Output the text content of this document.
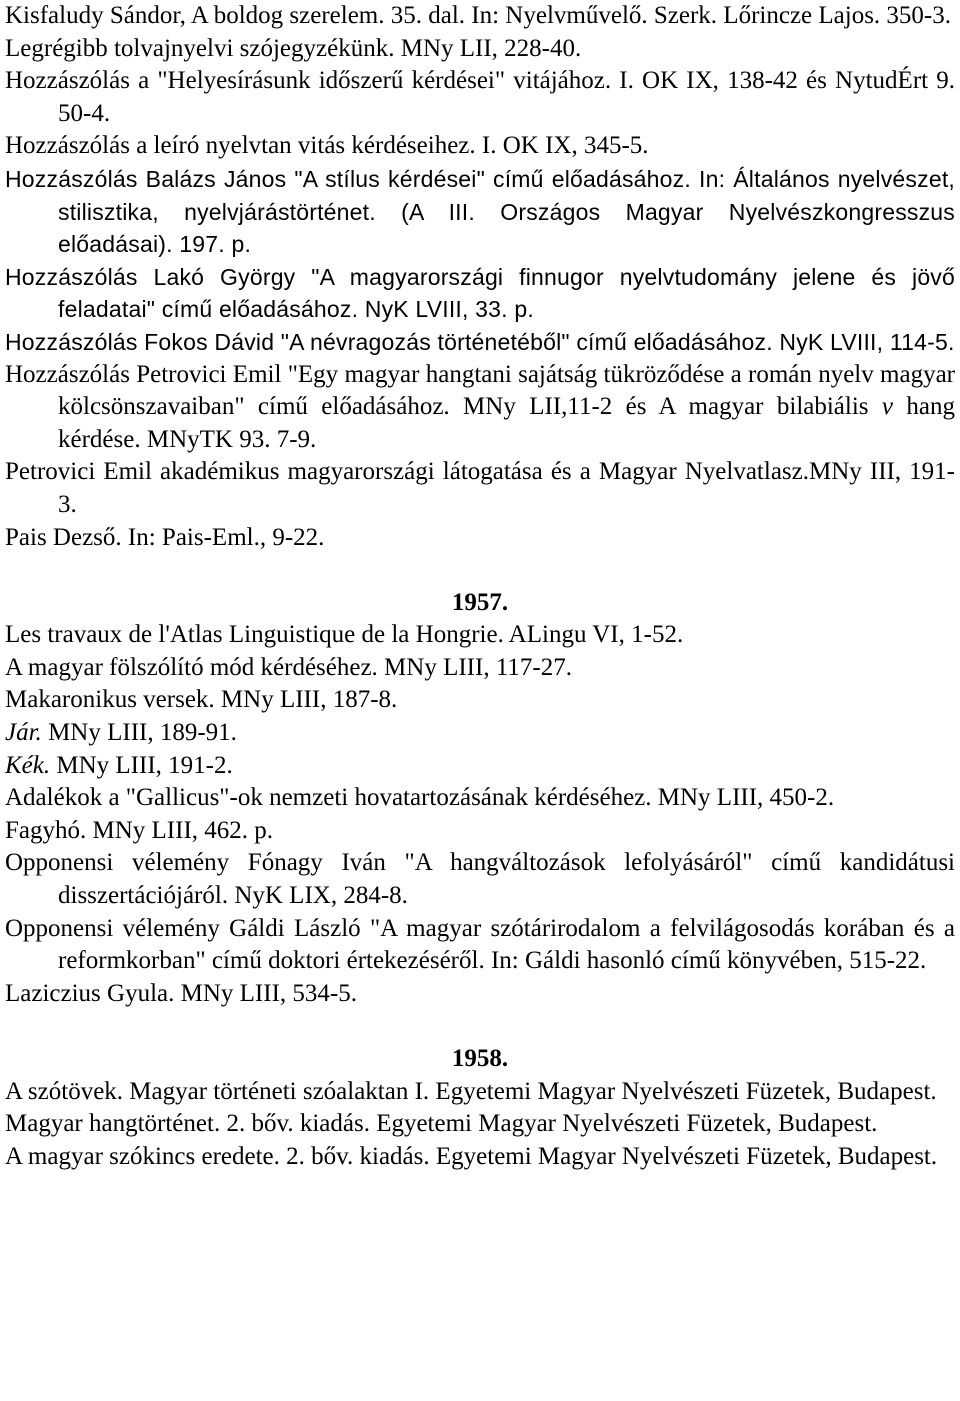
Kisfaludy Sándor, A boldog szerelem. 35. dal. In: Nyelvművelő. Szerk. Lőrincze Lajos. 350-3.

Legrégibb tolvajnyelvi szójegyzékünk. MNy LII, 228-40.

Hozzászólás a "Helyesírásunk időszerű kérdései" vitájához. I. OK IX, 138-42 és NytudÉrt 9. 50-4.

Hozzászólás a leíró nyelvtan vitás kérdéseihez. I. OK IX, 345-5.

Hozzászólás Balázs János "A stílus kérdései" című előadásához. In: Általános nyelvészet, stilisztika, nyelvjárástörténet. (A III. Országos Magyar Nyelvészkongresszus előadásai). 197. p.

Hozzászólás Lakó György "A magyarországi finnugor nyelvtudomány jelene és jövő feladatai" című előadásához. NyK LVIII, 33. p.

Hozzászólás Fokos Dávid "A névragozás történetéből" című előadásához. NyK LVIII, 114-5.

Hozzászólás Petrovici Emil "Egy magyar hangtani sajátság tükröződése a román nyelv magyar kölcsönszavaiban" című előadásához. MNy LII,11-2 és A magyar bilabiális v hang kérdése. MNyTK 93. 7-9.

Petrovici Emil akadémikus magyarországi látogatása és a Magyar Nyelvatlasz.MNy III, 191-3.

Pais Dezső. In: Pais-Eml., 9-22.

1957.

Les travaux de l'Atlas Linguistique de la Hongrie. ALingu VI, 1-52.

A magyar fölszólító mód kérdéséhez. MNy LIII, 117-27.

Makaronikus versek. MNy LIII, 187-8.

Jár. MNy LIII, 189-91.

Kék. MNy LIII, 191-2.

Adalékok a "Gallicus"-ok nemzeti hovatartozásának kérdéséhez. MNy LIII, 450-2.

Fagyhó. MNy LIII, 462. p.

Opponensi vélemény Fónagy Iván "A hangváltozások lefolyásáról" című kandidátusi disszertációjáról. NyK LIX, 284-8.

Opponensi vélemény Gáldi László "A magyar szótárirodalom a felvilágosodás korában és a reformkorban" című doktori értekezéséről. In: Gáldi hasonló című könyvében, 515-22.

Laziczius Gyula. MNy LIII, 534-5.

1958.

A szótövek. Magyar történeti szóalaktan I. Egyetemi Magyar Nyelvészeti Füzetek, Budapest.

Magyar hangtörténet. 2. bőv. kiadás. Egyetemi Magyar Nyelvészeti Füzetek, Budapest.

A magyar szókincs eredete. 2. bőv. kiadás. Egyetemi Magyar Nyelvészeti Füzetek, Budapest.
